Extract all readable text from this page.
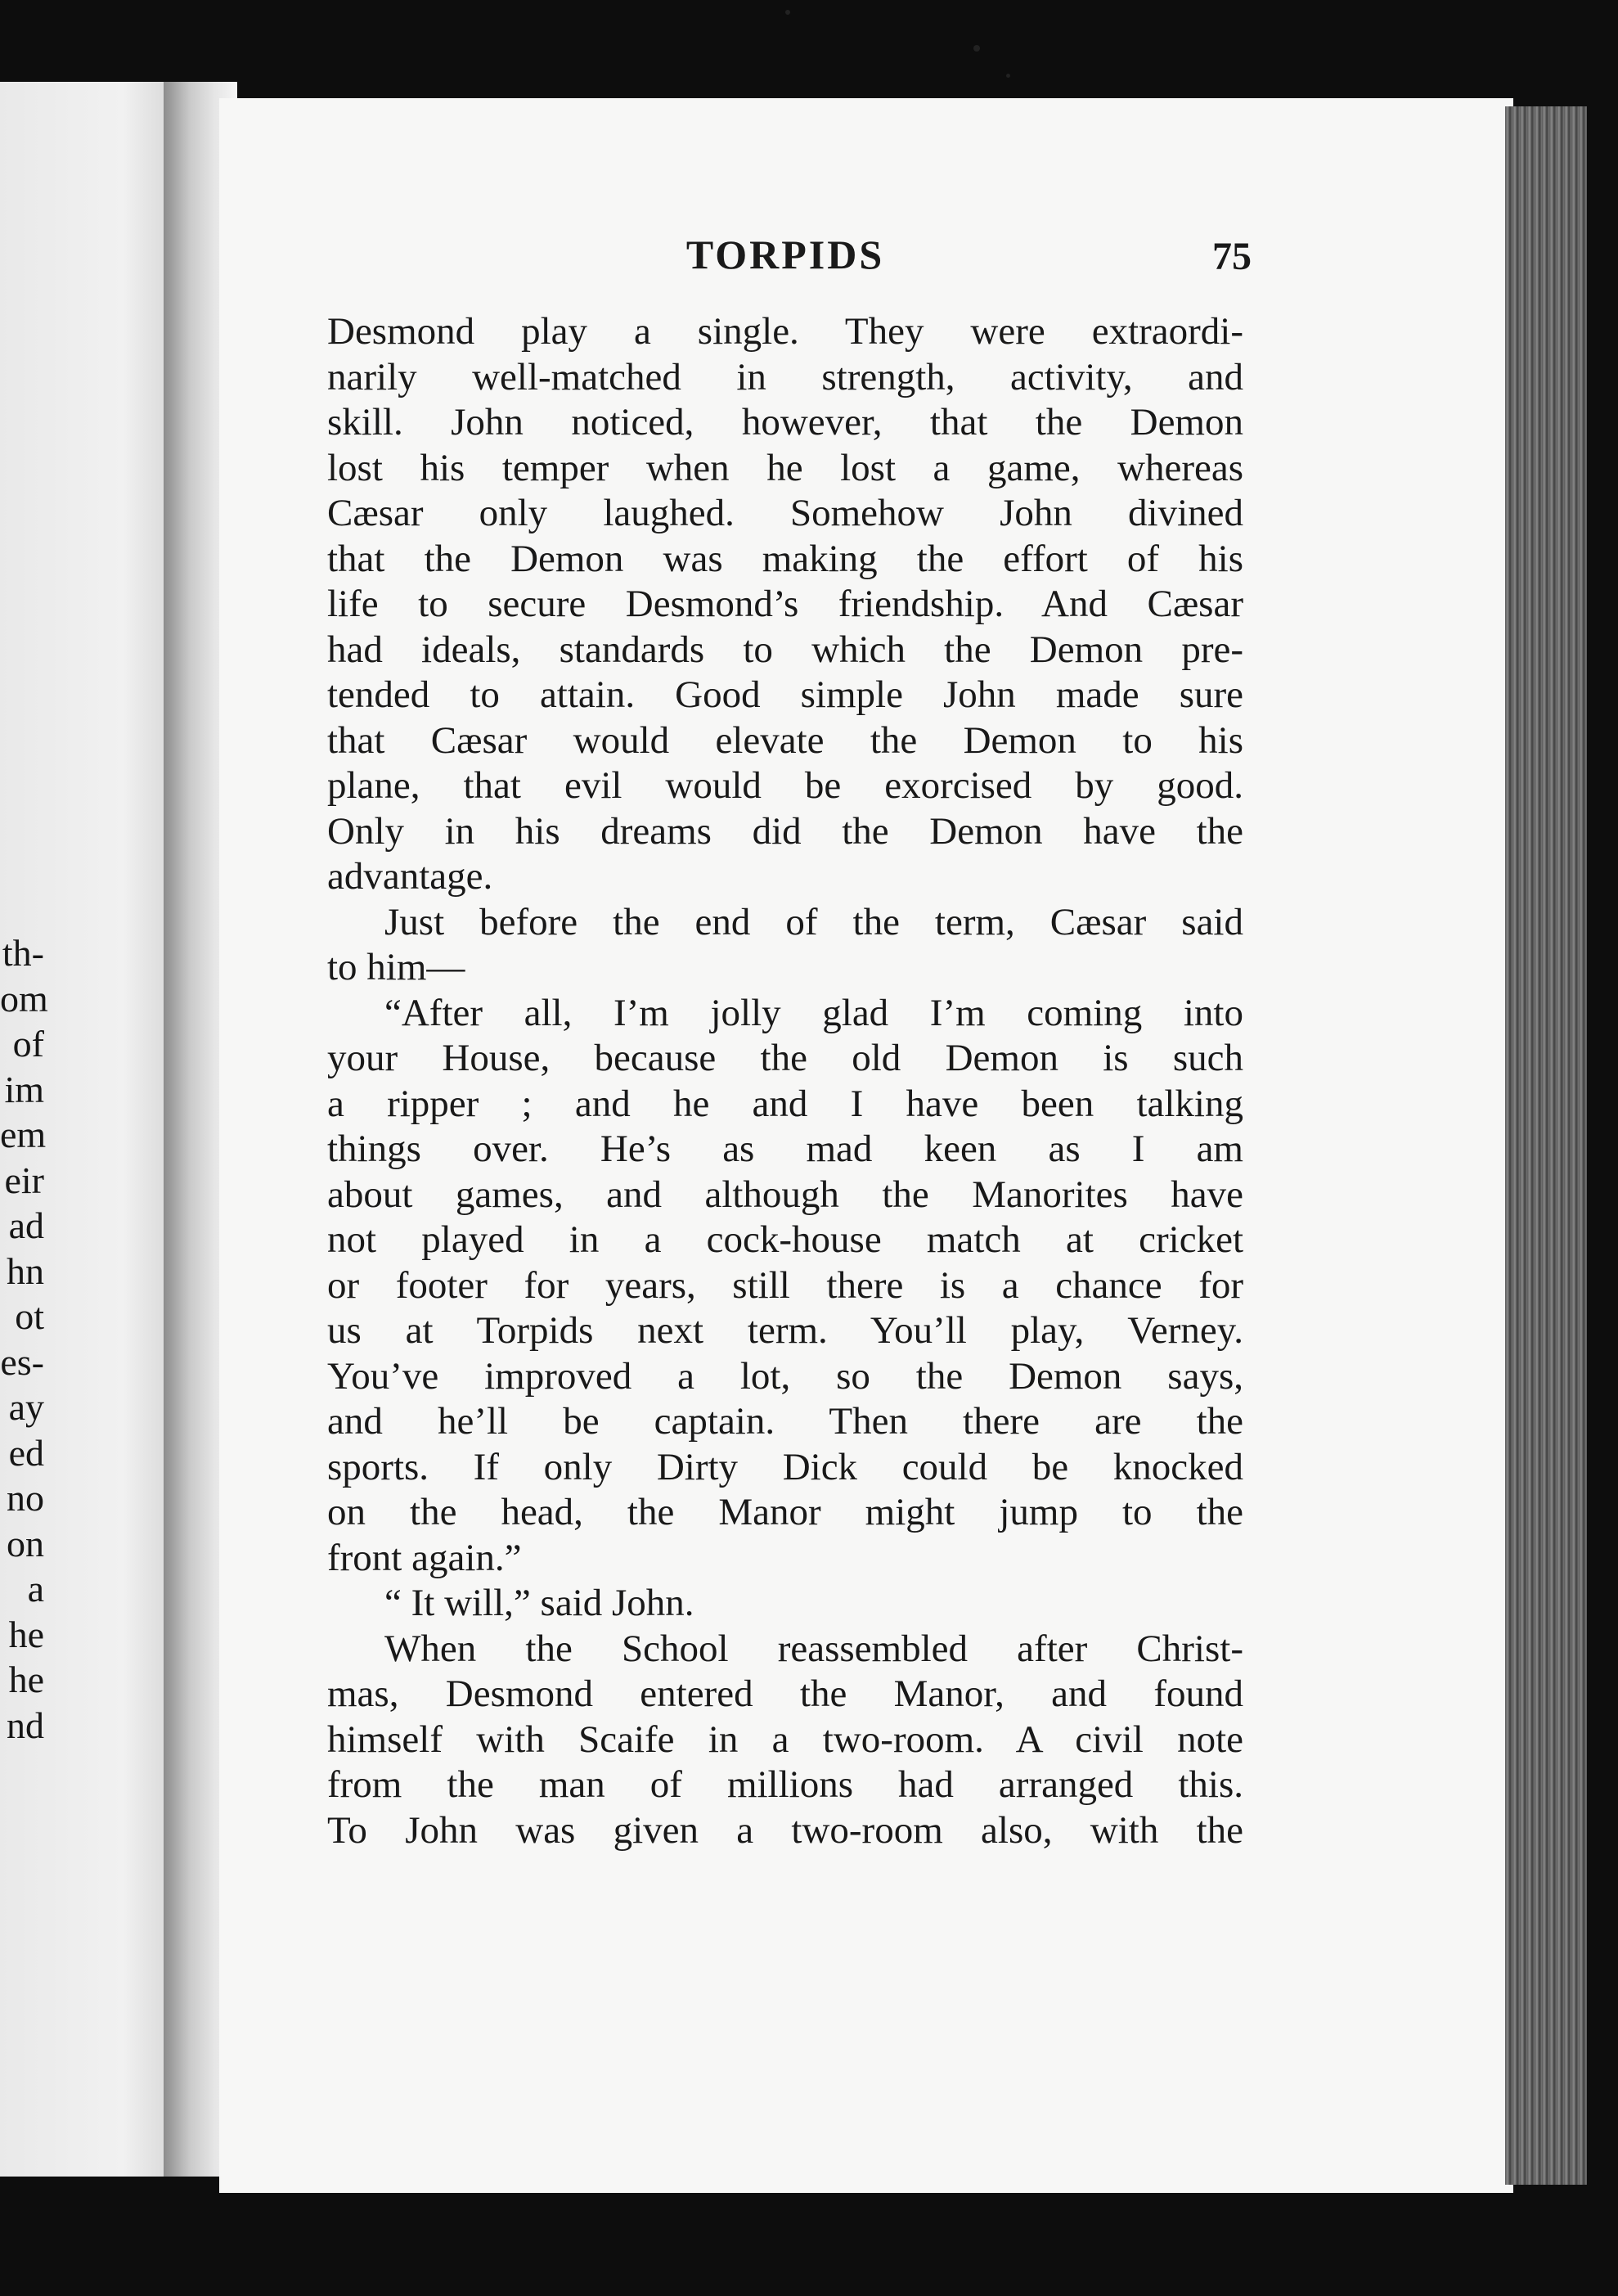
th-
om
of
im
em
eir
ad
hn
ot
es-
ay
ed
no
on
a
he
he
nd
TORPIDS	75
Desmond play a single. They were extraordi-
narily well-matched in strength, activity, and
skill. John noticed, however, that the Demon
lost his temper when he lost a game, whereas
Cæsar only laughed. Somehow John divined
that the Demon was making the effort of his
life to secure Desmond’s friendship. And Cæsar
had ideals, standards to which the Demon pre-
tended to attain. Good simple John made sure
that Cæsar would elevate the Demon to his
plane, that evil would be exorcised by good.
Only in his dreams did the Demon have the
advantage.
Just before the end of the term, Cæsar said
to him—
“After all, I’m jolly glad I’m coming into
your House, because the old Demon is such
a ripper ; and he and I have been talking
things over. He’s as mad keen as I am
about games, and although the Manorites have
not played in a cock-house match at cricket
or footer for years, still there is a chance for
us at Torpids next term. You’ll play, Verney.
You’ve improved a lot, so the Demon says,
and he’ll be captain. Then there are the
sports. If only Dirty Dick could be knocked
on the head, the Manor might jump to the
front again.”
“ It will,” said John.
When the School reassembled after Christ-
mas, Desmond entered the Manor, and found
himself with Scaife in a two-room. A civil note
from the man of millions had arranged this.
To John was given a two-room also, with the
